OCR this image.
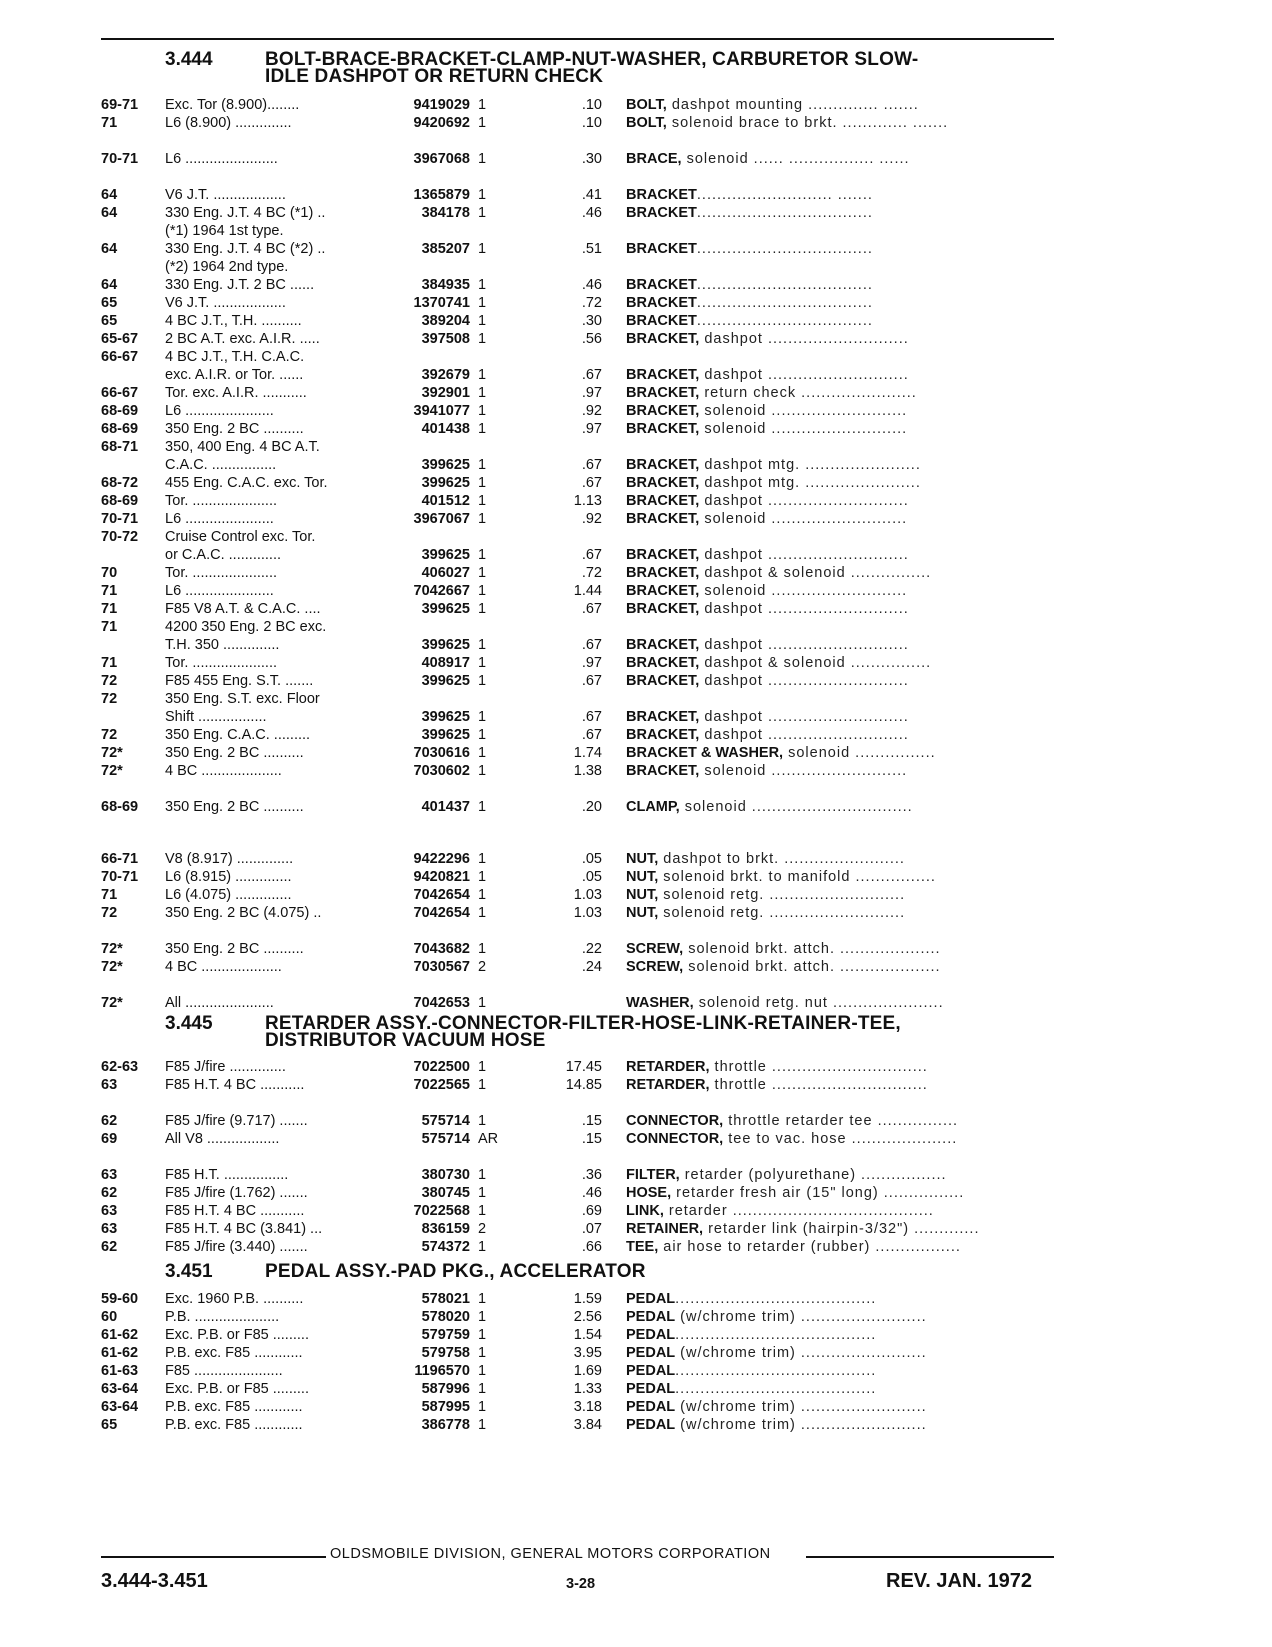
3.444	BOLT-BRACE-BRACKET-CLAMP-NUT-WASHER, CARBURETOR SLOW-
IDLE DASHPOT OR RETURN CHECK
69-71	Exc. Tor (8.900)........	9419029 1	.10 BOLT, dashpot mounting .............. .......
71	L6 (8.900) ..............	9420692 1	.10 BOLT, solenoid brace to brkt. ............. .......
70-71	L6 .......................	3967068 1	.30 BRACE, solenoid ...... ................. ......
64	V6 J.T. ..................	1365879 1	.41 BRACKET........................... .......
64	330 Eng. J.T. 4 BC (*1) ..	384178 1	.46 BRACKET...................................
(*1) 1964 1st type.
64	330 Eng. J.T. 4 BC (*2) ..	385207 1	.51 BRACKET...................................
(*2) 1964 2nd type.
64	330 Eng. J.T. 2 BC ......	384935 1	.46 BRACKET...................................
65	V6 J.T. ..................	1370741 1	.72 BRACKET...................................
65	4 BC J.T., T.H. ..........	389204 1	.30 BRACKET...................................
65-67	2 BC A.T. exc. A.I.R. .....	397508 1	.56 BRACKET, dashpot ............................
66-67	4 BC J.T., T.H. C.A.C.
exc. A.I.R. or Tor. ......	392679 1	.67 BRACKET, dashpot ............................
66-67	Tor. exc. A.I.R. ...........	392901 1	.97 BRACKET, return check .......................
68-69	L6 ......................	3941077 1	.92 BRACKET, solenoid ...........................
68-69	350 Eng. 2 BC ..........	401438 1	.97 BRACKET, solenoid ...........................
68-71	350, 400 Eng. 4 BC A.T.
C.A.C. ................	399625 1	.67 BRACKET, dashpot mtg. .......................
68-72	455 Eng. C.A.C. exc. Tor.	399625 1	.67 BRACKET, dashpot mtg. .......................
68-69	Tor. .....................	401512 1	1.13 BRACKET, dashpot ............................
70-71	L6 ......................	3967067 1	.92 BRACKET, solenoid ...........................
70-72	Cruise Control exc. Tor.
or C.A.C. .............	399625 1	.67 BRACKET, dashpot ............................
70	Tor. .....................	406027 1	.72 BRACKET, dashpot & solenoid ................
71	L6 ......................	7042667 1	1.44 BRACKET, solenoid ...........................
71	F85 V8 A.T. & C.A.C. ....	399625 1	.67 BRACKET, dashpot ............................
71	4200 350 Eng. 2 BC exc.
T.H. 350 ..............	399625 1	.67 BRACKET, dashpot ............................
71	Tor. .....................	408917 1	.97 BRACKET, dashpot & solenoid ................
72	F85 455 Eng. S.T. .......	399625 1	.67 BRACKET, dashpot ............................
72	350 Eng. S.T. exc. Floor
Shift .................	399625 1	.67 BRACKET, dashpot ............................
72	350 Eng. C.A.C. .........	399625 1	.67 BRACKET, dashpot ............................
72*	350 Eng. 2 BC ..........	7030616 1	1.74 BRACKET & WASHER, solenoid ................
72*	4 BC ....................	7030602 1	1.38 BRACKET, solenoid ...........................
68-69	350 Eng. 2 BC ..........	401437 1	.20 CLAMP, solenoid ................................
66-71	V8 (8.917) ..............	9422296 1	.05 NUT, dashpot to brkt. ........................
70-71	L6 (8.915) ..............	9420821 1	.05 NUT, solenoid brkt. to manifold ................
71	L6 (4.075) ..............	7042654 1	1.03 NUT, solenoid retg. ...........................
72	350 Eng. 2 BC (4.075) ..	7042654 1	1.03 NUT, solenoid retg. ...........................
72*	350 Eng. 2 BC ..........	7043682 1	.22 SCREW, solenoid brkt. attch. ....................
72*	4 BC ....................	7030567 2	.24 SCREW, solenoid brkt. attch. ....................
72*	All ......................	7042653 1	WASHER, solenoid retg. nut ......................
3.445	RETARDER ASSY.-CONNECTOR-FILTER-HOSE-LINK-RETAINER-TEE,
DISTRIBUTOR VACUUM HOSE
62-63	F85 J/fire ..............	7022500 1	17.45 RETARDER, throttle ...............................
63	F85 H.T. 4 BC ...........	7022565 1	14.85 RETARDER, throttle ...............................
62	F85 J/fire (9.717) .......	575714 1	.15 CONNECTOR, throttle retarder tee ................
69	All V8 ..................	575714 AR	.15 CONNECTOR, tee to vac. hose .....................
63	F85 H.T. ................	380730 1	.36 FILTER, retarder (polyurethane) .................
62	F85 J/fire (1.762) .......	380745 1	.46 HOSE, retarder fresh air (15" long) ................
63	F85 H.T. 4 BC ...........	7022568 1	.69 LINK, retarder ........................................
63	F85 H.T. 4 BC (3.841) ...	836159 2	.07 RETAINER, retarder link (hairpin-3/32") .............
62	F85 J/fire (3.440) .......	574372 1	.66 TEE, air hose to retarder (rubber) .................
3.451	PEDAL ASSY.-PAD PKG., ACCELERATOR
59-60	Exc. 1960 P.B. ..........	578021 1	1.59 PEDAL........................................
60	P.B. .....................	578020 1	2.56 PEDAL (w/chrome trim) .........................
61-62	Exc. P.B. or F85 .........	579759 1	1.54 PEDAL........................................
61-62	P.B. exc. F85 ............	579758 1	3.95 PEDAL (w/chrome trim) .........................
61-63	F85 ......................	1196570 1	1.69 PEDAL........................................
63-64	Exc. P.B. or F85 .........	587996 1	1.33 PEDAL........................................
63-64	P.B. exc. F85 ............	587995 1	3.18 PEDAL (w/chrome trim) .........................
65	P.B. exc. F85 ............	386778 1	3.84 PEDAL (w/chrome trim) .........................
OLDSMOBILE DIVISION, GENERAL MOTORS CORPORATION
3.444-3.451	3-28	REV. JAN. 1972
